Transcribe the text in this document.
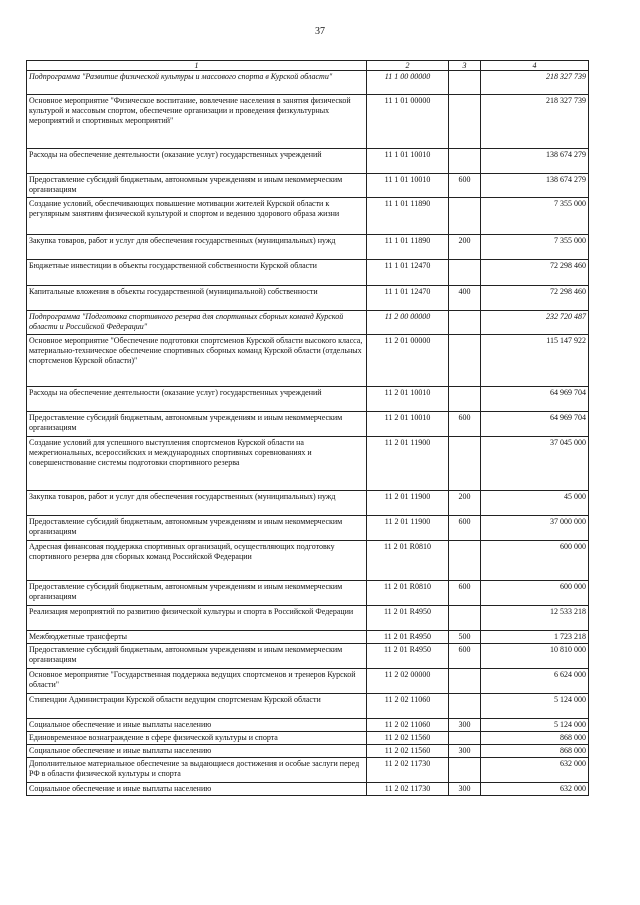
37
1	2	3	4
Подпрограмма "Развитие физической культуры и массового спорта в Курской области"	11 1 00 00000		218 327 739
Основное мероприятие "Физическое воспитание, вовлечение населения в занятия физической культурой и массовым спортом, обеспечение организации и проведения физкультурных мероприятий и спортивных мероприятий"	11 1 01 00000		218 327 739
Расходы на обеспечение деятельности (оказание услуг) государственных учреждений	11 1 01 10010		138 674 279
Предоставление субсидий бюджетным, автономным учреждениям и иным некоммерческим организациям	11 1 01 10010	600	138 674 279
Создание условий, обеспечивающих повышение мотивации жителей Курской области к регулярным занятиям физической культурой и спортом и ведению здорового образа жизни	11 1 01 11890		7 355 000
Закупка товаров, работ и услуг для обеспечения государственных (муниципальных) нужд	11 1 01 11890	200	7 355 000
Бюджетные инвестиции в объекты государственной собственности Курской области	11 1 01 12470		72 298 460
Капитальные вложения в объекты государственной (муниципальной) собственности	11 1 01 12470	400	72 298 460
Подпрограмма "Подготовка спортивного резерва для спортивных сборных команд Курской области и Российской Федерации"	11 2 00 00000		232 720 487
Основное мероприятие "Обеспечение подготовки спортсменов Курской области высокого класса, материально-техническое обеспечение спортивных сборных команд Курской области (отдельных спортсменов Курской области)"	11 2 01 00000		115 147 922
Расходы на обеспечение деятельности (оказание услуг) государственных учреждений	11 2 01 10010		64 969 704
Предоставление субсидий бюджетным, автономным учреждениям и иным некоммерческим организациям	11 2 01 10010	600	64 969 704
Создание условий для успешного выступления спортсменов Курской области на межрегиональных, всероссийских и международных спортивных соревнованиях и совершенствование системы подготовки спортивного резерва	11 2 01 11900		37 045 000
Закупка товаров, работ и услуг для обеспечения государственных (муниципальных) нужд	11 2 01 11900	200	45 000
Предоставление субсидий бюджетным, автономным учреждениям и иным некоммерческим организациям	11 2 01 11900	600	37 000 000
Адресная финансовая поддержка спортивных организаций, осуществляющих подготовку спортивного резерва для сборных команд Российской Федерации	11 2 01 R0810		600 000
Предоставление субсидий бюджетным, автономным учреждениям и иным некоммерческим организациям	11 2 01 R0810	600	600 000
Реализация мероприятий по развитию физической культуры и спорта в Российской Федерации	11 2 01 R4950		12 533 218
Межбюджетные трансферты	11 2 01 R4950	500	1 723 218
Предоставление субсидий бюджетным, автономным учреждениям и иным некоммерческим организациям	11 2 01 R4950	600	10 810 000
Основное мероприятие "Государственная поддержка ведущих спортсменов и тренеров Курской области"	11 2 02 00000		6 624 000
Стипендии Администрации Курской области ведущим спортсменам Курской области	11 2 02 11060		5 124 000
Социальное обеспечение и иные выплаты населению	11 2 02 11060	300	5 124 000
Единовременное вознаграждение в сфере физической культуры и спорта	11 2 02 11560		868 000
Социальное обеспечение и иные выплаты населению	11 2 02 11560	300	868 000
Дополнительное материальное обеспечение за выдающиеся достижения и особые заслуги перед РФ в области физической культуры и спорта	11 2 02 11730		632 000
Социальное обеспечение и иные выплаты населению	11 2 02 11730	300	632 000
